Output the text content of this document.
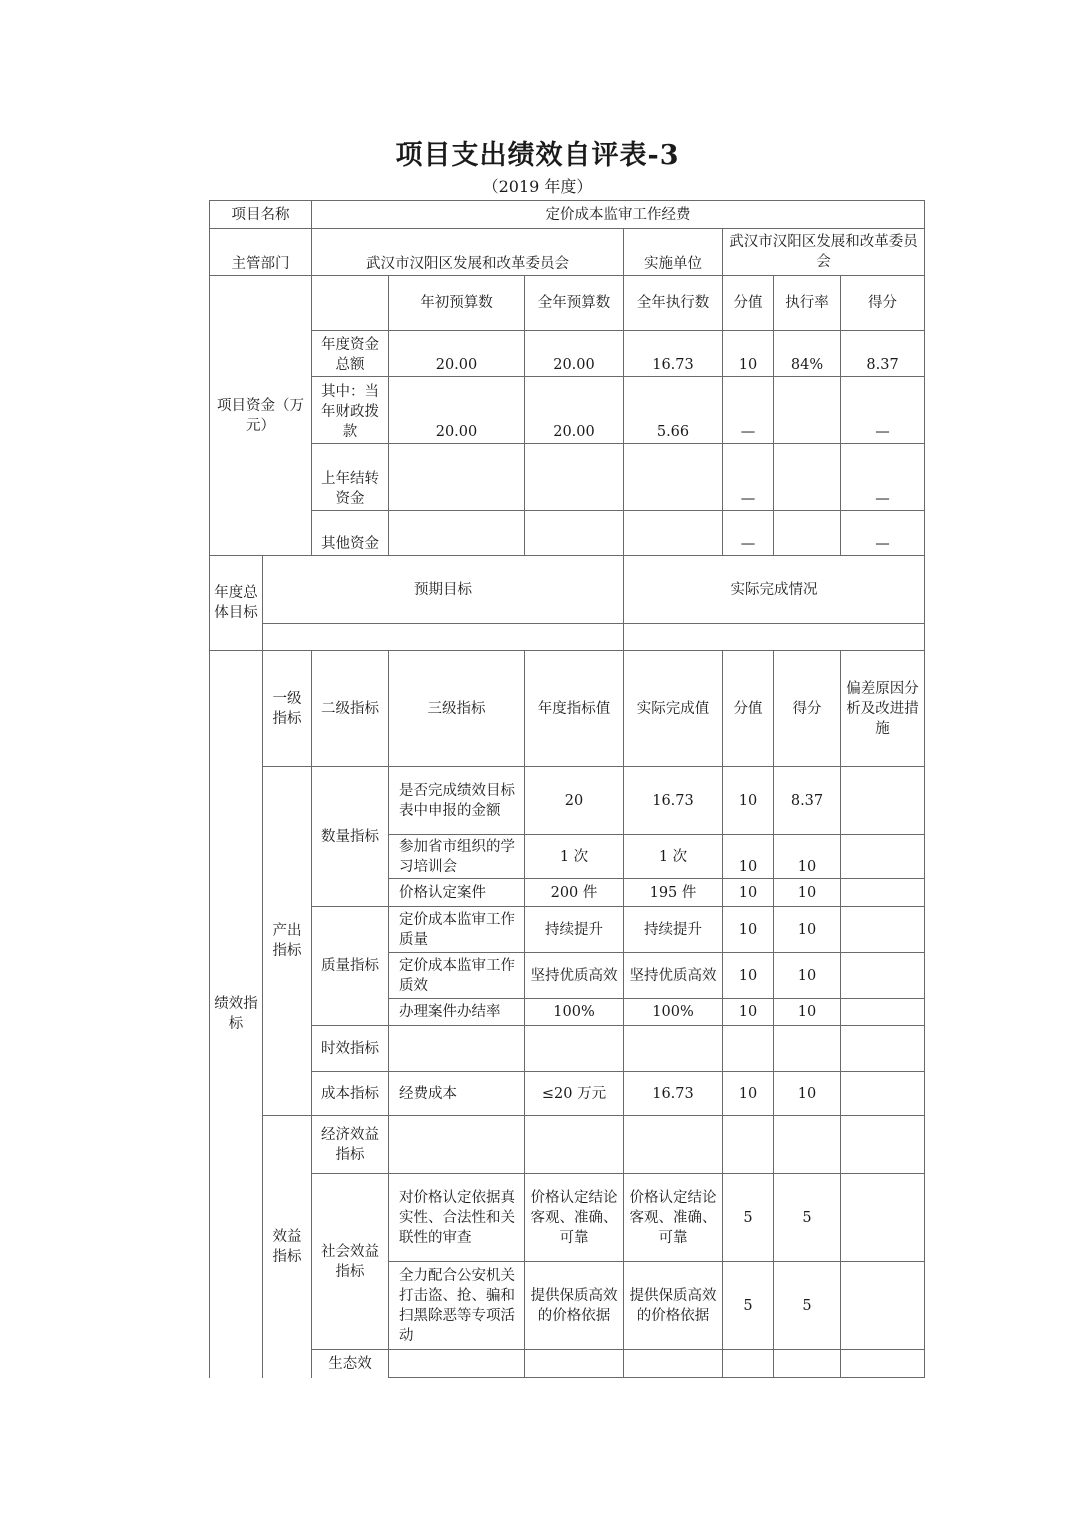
项目支出绩效自评表-3
（2019 年度）
项目名称		定价成本监审工作经费						
主管部门		武汉市汉阳区发展和改革委员会			实施单位	武汉市汉阳区发展和改革委员会		
项目资金（万元）			年初预算数	全年预算数	全年执行数	分值	执行率	得分
		年度资金总额	20.00	20.00	16.73	10	84%	8.37
		其中：当年财政拨款	20.00	20.00	5.66	—		—
		上年结转资金				—		—
		其他资金				—		—
年度总体目标	预期目标				实际完成情况			

绩效指标	一级指标	二级指标	三级指标	年度指标值	实际完成值	分值	得分	偏差原因分析及改进措施
	产出指标	数量指标	是否完成绩效目标表中申报的金额	20	16.73	10	8.37	
			参加省市组织的学习培训会	1 次	1 次	10	10	
			价格认定案件	200 件	195 件	10	10	
		质量指标	定价成本监审工作质量	持续提升	持续提升	10	10	
			定价成本监审工作质效	坚持优质高效	坚持优质高效	10	10	
			办理案件办结率	100%	100%	10	10	
		时效指标						
		成本指标	经费成本	≤20 万元	16.73	10	10	
	效益指标	经济效益指标						
		社会效益指标	对价格认定依据真实性、合法性和关联性的审查	价格认定结论客观、准确、可靠	价格认定结论客观、准确、可靠	5	5	
			全力配合公安机关打击盗、抢、骗和扫黑除恶等专项活动	提供保质高效的价格依据	提供保质高效的价格依据	5	5	
		生态效						
